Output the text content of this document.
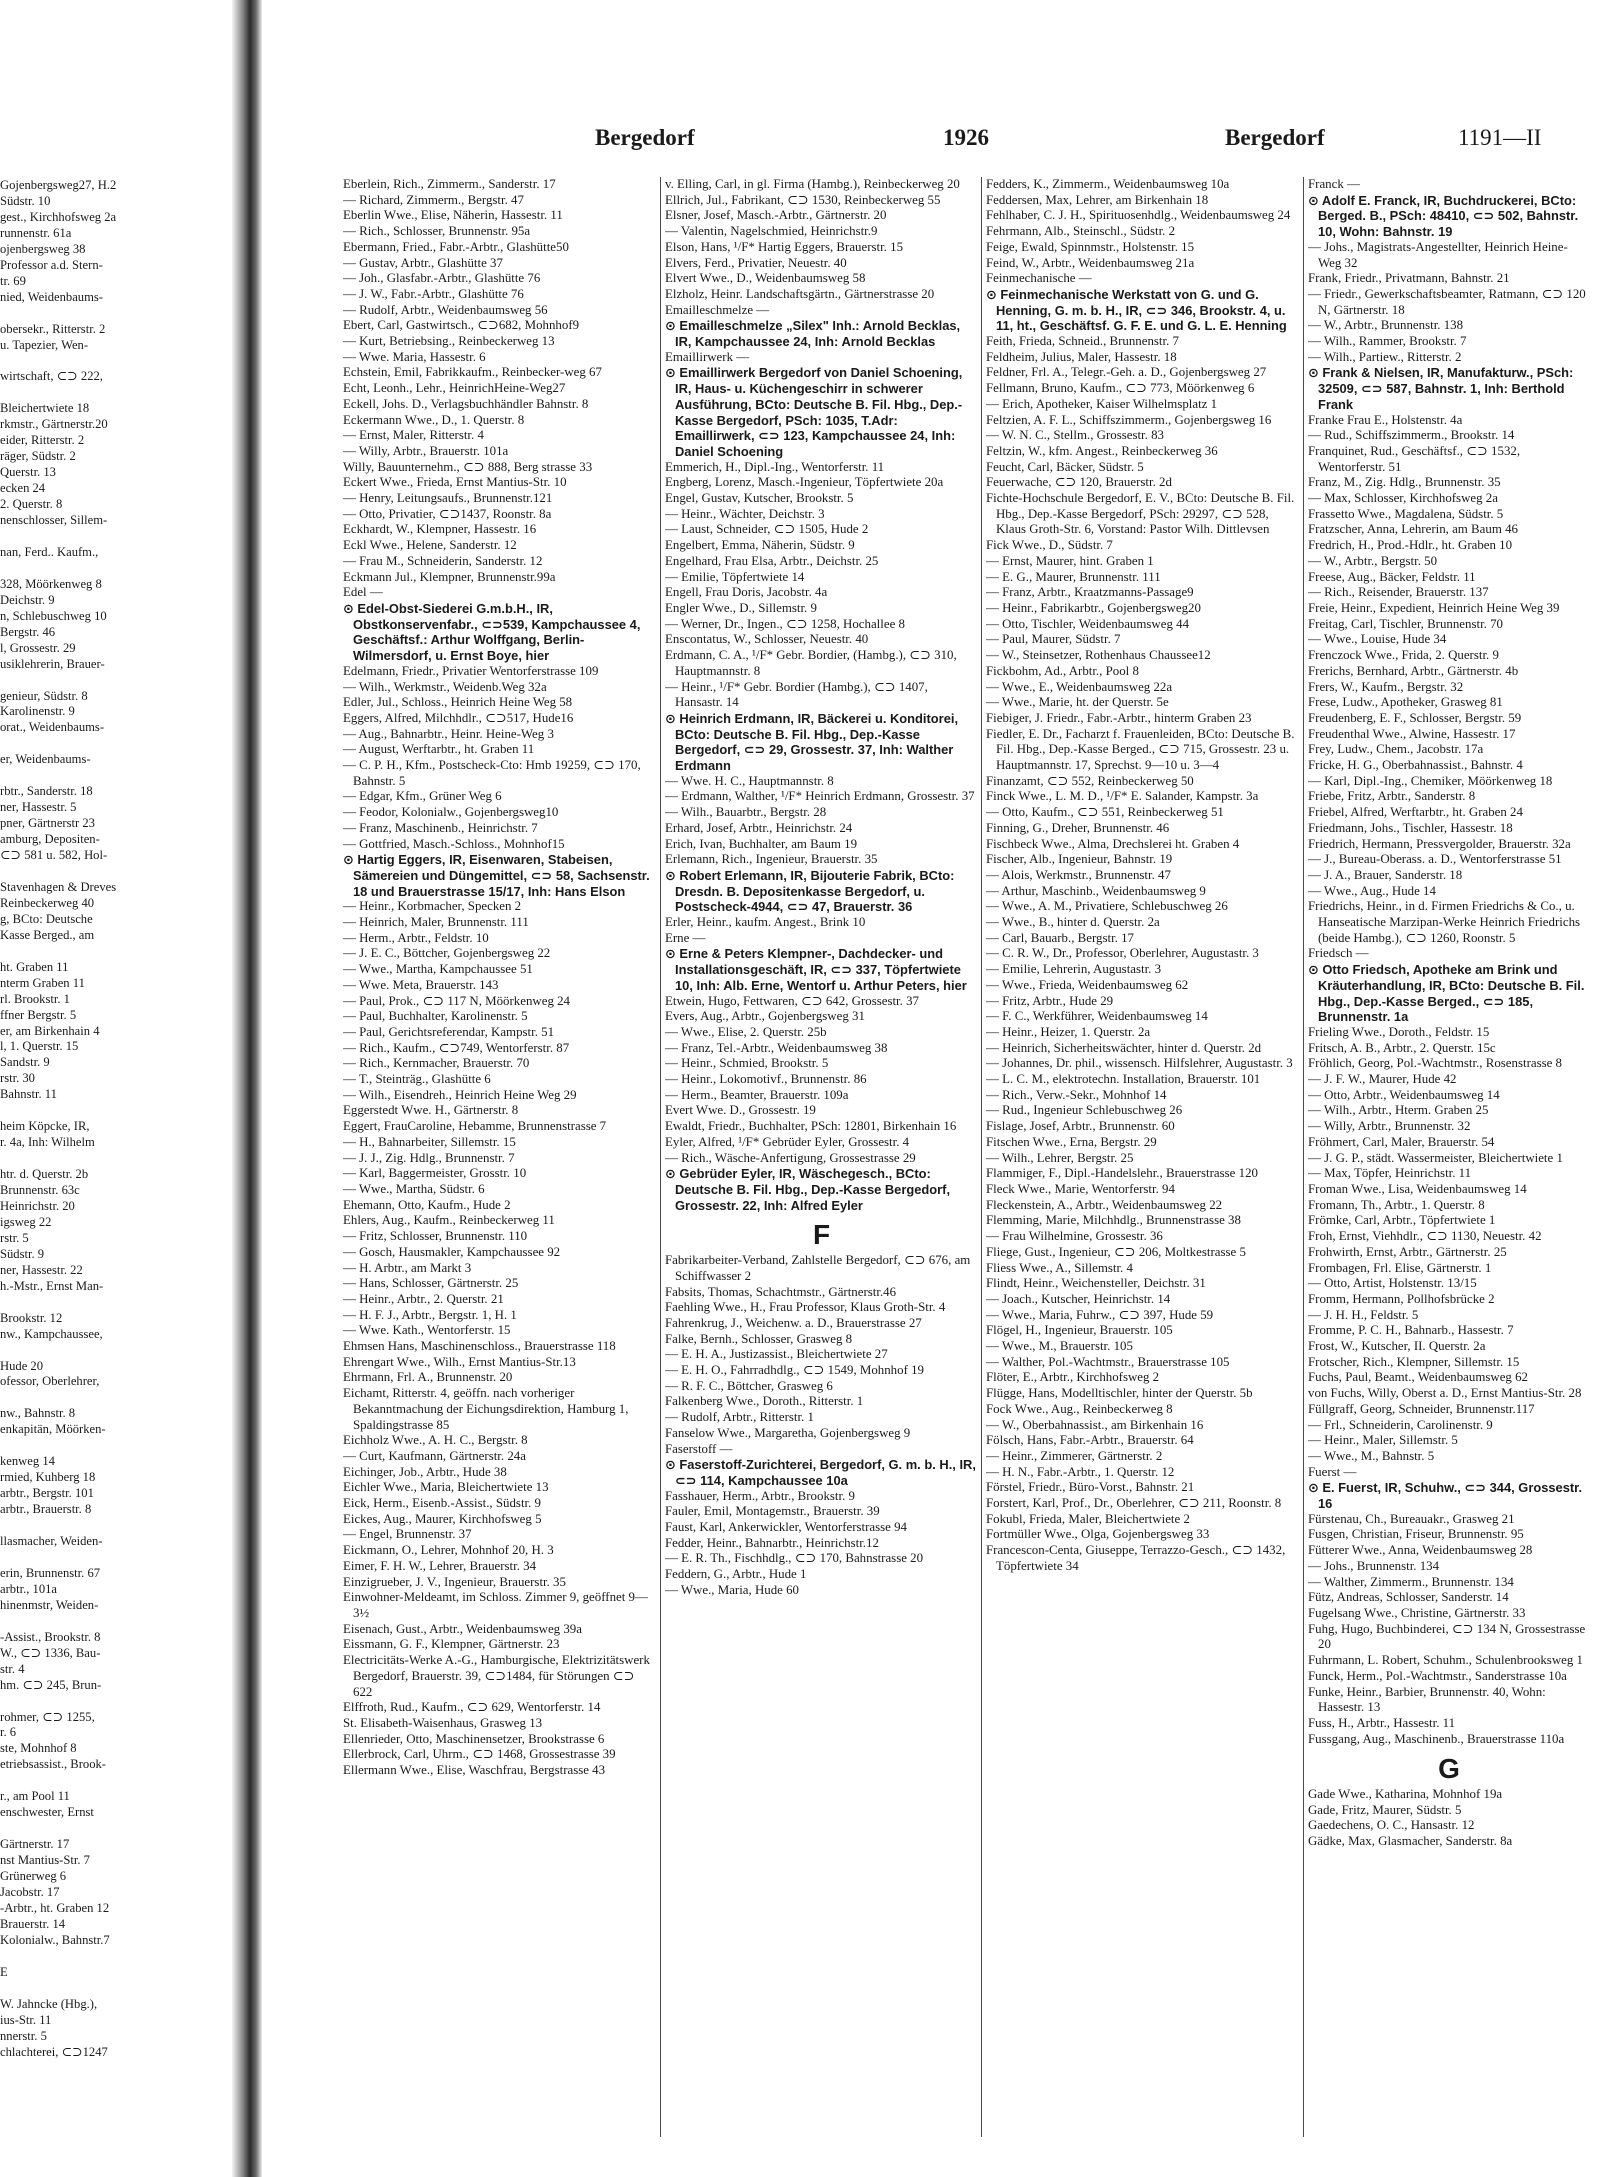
Gojenbergsweg27, H.2
Südstr. 10
gest., Kirchhofsweg 2a
runnenstr. 61a
ojenbergsweg 38
Professor a.d. Stern-
tr. 69
nied, Weidenbaums-

obersekr., Ritterstr. 2
u. Tapezier, Wen-

wirtschaft, ⊂⊃ 222,

Bleichertwiete 18
rkmstr., Gärtnerstr.20
eider, Ritterstr. 2
räger, Südstr. 2
Querstr. 13
ecken 24
2. Querstr. 8
nenschlosser, Sillem-

nan, Ferd.. Kaufm.,

328, Möörkenweg 8
Deichstr. 9
n, Schlebuschweg 10
Bergstr. 46
l, Grossestr. 29
usiklehrerin, Brauer-

genieur, Südstr. 8
Karolinenstr. 9
orat., Weidenbaums-

er, Weidenbaums-

rbtr., Sanderstr. 18
ner, Hassestr. 5
pner, Gärtnerstr 23
amburg, Depositen-
⊂⊃ 581 u. 582, Hol-

Stavenhagen & Dreves
Reinbeckerweg 40
g, BCto: Deutsche
Kasse Berged., am

ht. Graben 11
nterm Graben 11
rl. Brookstr. 1
ffner Bergstr. 5
er, am Birkenhain 4
l, 1. Querstr. 15
Sandstr. 9
rstr. 30
Bahnstr. 11

heim Köpcke, IR,
r. 4a, Inh: Wilhelm

htr. d. Querstr. 2b
Brunnenstr. 63c
Heinrichstr. 20
igsweg 22
rstr. 5
Südstr. 9
ner, Hassestr. 22
h.-Mstr., Ernst Man-

Brookstr. 12
nw., Kampchaussee,

Hude 20
ofessor, Oberlehrer,

nw., Bahnstr. 8
enkapitän, Möörken-

kenweg 14
rmied, Kuhberg 18
arbtr., Bergstr. 101
arbtr., Brauerstr. 8

llasmacher, Weiden-

erin, Brunnenstr. 67
arbtr., 101a
hinenmstr, Weiden-

-Assist., Brookstr. 8
W., ⊂⊃ 1336, Bau-
str. 4
hm. ⊂⊃ 245, Brun-

rohmer, ⊂⊃ 1255,
r. 6
ste, Mohnhof 8
etriebsassist., Brook-

r., am Pool 11
enschwester, Ernst

Gärtnerstr. 17
nst Mantius-Str. 7
Grünerweg 6
Jacobstr. 17
-Arbtr., ht. Graben 12
Brauerstr. 14
Kolonialw., Bahnstr.7

E

W. Jahncke (Hbg.),
ius-Str. 11
nnerstr. 5
chlachterei, ⊂⊃1247
Bergedorf	1926	Bergedorf	1191—II
Eberlein, Rich., Zimmerm., Sanderstr. 17
— Richard, Zimmerm., Bergstr. 47
Eberlin Wwe., Elise, Näherin, Hassestr. 11
— Rich., Schlosser, Brunnenstr. 95a
Ebermann, Fried., Fabr.-Arbtr., Glashütte50
— Gustav, Arbtr., Glashütte 37
— Joh., Glasfabr.-Arbtr., Glashütte 76
— J. W., Fabr.-Arbtr., Glashütte 76
— Rudolf, Arbtr., Weidenbaumsweg 56
Ebert, Carl, Gastwirtsch., ⊂⊃682, Mohnhof9
— Kurt, Betriebsing., Reinbeckerweg 13
— Wwe. Maria, Hassestr. 6
Echstein, Emil, Fabrikkaufm., Reinbecker-weg 67
Echt, Leonh., Lehr., HeinrichHeine-Weg27
Eckell, Johs. D., Verlagsbuchhändler Bahnstr. 8
Eckermann Wwe., D., 1. Querstr. 8
— Ernst, Maler, Ritterstr. 4
— Willy, Arbtr., Brauerstr. 101a
Willy, Bauunternehm., ⊂⊃ 888, Berg strasse 33
Eckert Wwe., Frieda, Ernst Mantius-Str. 10
— Henry, Leitungsaufs., Brunnenstr.121
— Otto, Privatier, ⊂⊃1437, Roonstr. 8a
Eckhardt, W., Klempner, Hassestr. 16
Eckl Wwe., Helene, Sanderstr. 12
— Frau M., Schneiderin, Sanderstr. 12
Eckmann Jul., Klempner, Brunnenstr.99a
Edel —
⊙ Edel-Obst-Siederei G.m.b.H., IR, Obstkonservenfabr., ⊂⊃539, Kampchaussee 4, Geschäftsf.: Arthur Wolffgang, Berlin-Wilmersdorf, u. Ernst Boye, hier
Edelmann, Friedr., Privatier Wentorferstrasse 109
— Wilh., Werkmstr., Weidenb.Weg 32a
Edler, Jul., Schloss., Heinrich Heine Weg 58
Eggers, Alfred, Milchhdlr., ⊂⊃517, Hude16
— Aug., Bahnarbtr., Heinr. Heine-Weg 3
— August, Werftarbtr., ht. Graben 11
— C. P. H., Kfm., Postscheck-Cto: Hmb 19259, ⊂⊃ 170, Bahnstr. 5
— Edgar, Kfm., Grüner Weg 6
— Feodor, Kolonialw., Gojenbergsweg10
— Franz, Maschinenb., Heinrichstr. 7
— Gottfried, Masch.-Schloss., Mohnhof15
⊙ Hartig Eggers, IR, Eisenwaren, Stabeisen, Sämereien und Düngemittel, ⊂⊃ 58, Sachsenstr. 18 und Brauerstrasse 15/17, Inh: Hans Elson
— Heinr., Korbmacher, Specken 2
— Heinrich, Maler, Brunnenstr. 111
— Herm., Arbtr., Feldstr. 10
— J. E. C., Böttcher, Gojenbergsweg 22
— Wwe., Martha, Kampchaussee 51
— Wwe. Meta, Brauerstr. 143
— Paul, Prok., ⊂⊃ 117 N, Möörkenweg 24
— Paul, Buchhalter, Karolinenstr. 5
— Paul, Gerichtsreferendar, Kampstr. 51
— Rich., Kaufm., ⊂⊃749, Wentorferstr. 87
— Rich., Kernmacher, Brauerstr. 70
— T., Steinträg., Glashütte 6
— Wilh., Eisendreh., Heinrich Heine Weg 29
Eggerstedt Wwe. H., Gärtnerstr. 8
Eggert, FrauCaroline, Hebamme, Brunnenstrasse 7
— H., Bahnarbeiter, Sillemstr. 15
— J. J., Zig. Hdlg., Brunnenstr. 7
— Karl, Baggermeister, Grosstr. 10
— Wwe., Martha, Südstr. 6
Ehemann, Otto, Kaufm., Hude 2
Ehlers, Aug., Kaufm., Reinbeckerweg 11
— Fritz, Schlosser, Brunnenstr. 110
— Gosch, Hausmakler, Kampchaussee 92
— H. Arbtr., am Markt 3
— Hans, Schlosser, Gärtnerstr. 25
— Heinr., Arbtr., 2. Querstr. 21
— H. F. J., Arbtr., Bergstr. 1, H. 1
— Wwe. Kath., Wentorferstr. 15
Ehmsen Hans, Maschinenschloss., Brauerstrasse 118
Ehrengart Wwe., Wilh., Ernst Mantius-Str.13
Ehrmann, Frl. A., Brunnenstr. 20
Eichamt, Ritterstr. 4, geöffn. nach vorheriger Bekanntmachung der Eichungsdirektion, Hamburg 1, Spaldingstrasse 85
Eichholz Wwe., A. H. C., Bergstr. 8
— Curt, Kaufmann, Gärtnerstr. 24a
Eichinger, Job., Arbtr., Hude 38
Eichler Wwe., Maria, Bleichertwiete 13
Eick, Herm., Eisenb.-Assist., Südstr. 9
Eickes, Aug., Maurer, Kirchhofsweg 5
— Engel, Brunnenstr. 37
Eickmann, O., Lehrer, Mohnhof 20, H. 3
Eimer, F. H. W., Lehrer, Brauerstr. 34
Einzigrueber, J. V., Ingenieur, Brauerstr. 35
Einwohner-Meldeamt, im Schloss. Zimmer 9, geöffnet 9—3½
Eisenach, Gust., Arbtr., Weidenbaumsweg 39a
Eissmann, G. F., Klempner, Gärtnerstr. 23
Electricitäts-Werke A.-G., Hamburgische, Elektrizitätswerk Bergedorf, Brauerstr. 39, ⊂⊃1484, für Störungen ⊂⊃ 622
Elffroth, Rud., Kaufm., ⊂⊃ 629, Wentorferstr. 14
St. Elisabeth-Waisenhaus, Grasweg 13
Ellenrieder, Otto, Maschinensetzer, Brookstrasse 6
Ellerbrock, Carl, Uhrm., ⊂⊃ 1468, Grossestrasse 39
Ellermann Wwe., Elise, Waschfrau, Bergstrasse 43
v. Elling, Carl, in gl. Firma (Hambg.), Reinbeckerweg 20
Ellrich, Jul., Fabrikant, ⊂⊃ 1530, Reinbeckerweg 55
Elsner, Josef, Masch.-Arbtr., Gärtnerstr. 20
— Valentin, Nagelschmied, Heinrichstr.9
Elson, Hans, ¹/F* Hartig Eggers, Brauerstr. 15
Elvers, Ferd., Privatier, Neuestr. 40
Elvert Wwe., D., Weidenbaumsweg 58
Elzholz, Heinr. Landschaftsgärtn., Gärtnerstrasse 20
Emailleschmelze —
⊙ Emailleschmelze „Silex" Inh.: Arnold Becklas, IR, Kampchaussee 24, Inh: Arnold Becklas
Emaillirwerk —
⊙ Emaillirwerk Bergedorf von Daniel Schoening, IR, Haus- u. Küchengeschirr in schwerer Ausführung, BCto: Deutsche B. Fil. Hbg., Dep.-Kasse Bergedorf, PSch: 1035, T.Adr: Emaillirwerk, ⊂⊃ 123, Kampchaussee 24, Inh: Daniel Schoening
Emmerich, H., Dipl.-Ing., Wentorferstr. 11
Engberg, Lorenz, Masch.-Ingenieur, Töpfertwiete 20a
Engel, Gustav, Kutscher, Brookstr. 5
— Heinr., Wächter, Deichstr. 3
— Laust, Schneider, ⊂⊃ 1505, Hude 2
Engelbert, Emma, Näherin, Südstr. 9
Engelhard, Frau Elsa, Arbtr., Deichstr. 25
— Emilie, Töpfertwiete 14
Engell, Frau Doris, Jacobstr. 4a
Engler Wwe., D., Sillemstr. 9
— Werner, Dr., Ingen., ⊂⊃ 1258, Hochallee 8
Enscontatus, W., Schlosser, Neuestr. 40
Erdmann, C. A., ¹/F* Gebr. Bordier, (Hambg.), ⊂⊃ 310, Hauptmannstr. 8
— Heinr., ¹/F* Gebr. Bordier (Hambg.), ⊂⊃ 1407, Hansastr. 14
⊙ Heinrich Erdmann, IR, Bäckerei u. Konditorei, BCto: Deutsche B. Fil. Hbg., Dep.-Kasse Bergedorf, ⊂⊃ 29, Grossestr. 37, Inh: Walther Erdmann
— Wwe. H. C., Hauptmannstr. 8
— Erdmann, Walther, ¹/F* Heinrich Erdmann, Grossestr. 37
— Wilh., Bauarbtr., Bergstr. 28
Erhard, Josef, Arbtr., Heinrichstr. 24
Erich, Ivan, Buchhalter, am Baum 19
Erlemann, Rich., Ingenieur, Brauerstr. 35
⊙ Robert Erlemann, IR, Bijouterie Fabrik, BCto: Dresdn. B. Depositenkasse Bergedorf, u. Postscheck-4944, ⊂⊃ 47, Brauerstr. 36
Erler, Heinr., kaufm. Angest., Brink 10
Erne —
⊙ Erne & Peters Klempner-, Dachdecker- und Installationsgeschäft, IR, ⊂⊃ 337, Töpfertwiete 10, Inh: Alb. Erne, Wentorf u. Arthur Peters, hier
Etwein, Hugo, Fettwaren, ⊂⊃ 642, Grossestr. 37
Evers, Aug., Arbtr., Gojenbergsweg 31
— Wwe., Elise, 2. Querstr. 25b
— Franz, Tel.-Arbtr., Weidenbaumsweg 38
— Heinr., Schmied, Brookstr. 5
— Heinr., Lokomotivf., Brunnenstr. 86
— Herm., Beamter, Brauerstr. 109a
Evert Wwe. D., Grossestr. 19
Ewaldt, Friedr., Buchhalter, PSch: 12801, Birkenhain 16
Eyler, Alfred, ¹/F* Gebrüder Eyler, Grossestr. 4
— Rich., Wäsche-Anfertigung, Grossestrasse 29
⊙ Gebrüder Eyler, IR, Wäschegesch., BCto: Deutsche B. Fil. Hbg., Dep.-Kasse Bergedorf, Grossestr. 22, Inh: Alfred Eyler
F
Fabrikarbeiter-Verband, Zahlstelle Bergedorf, ⊂⊃ 676, am Schiffwasser 2
Fabsits, Thomas, Schachtmstr., Gärtnerstr.46
Faehling Wwe., H., Frau Professor, Klaus Groth-Str. 4
Fahrenkrug, J., Weichenw. a. D., Brauerstrasse 27
Falke, Bernh., Schlosser, Grasweg 8
— E. H. A., Justizassist., Bleichertwiete 27
— E. H. O., Fahrradhdlg., ⊂⊃ 1549, Mohnhof 19
— R. F. C., Böttcher, Grasweg 6
Falkenberg Wwe., Doroth., Ritterstr. 1
— Rudolf, Arbtr., Ritterstr. 1
Fanselow Wwe., Margaretha, Gojenbergsweg 9
Faserstoff —
⊙ Faserstoff-Zurichterei, Bergedorf, G. m. b. H., IR, ⊂⊃ 114, Kampchaussee 10a
Fasshauer, Herm., Arbtr., Brookstr. 9
Fauler, Emil, Montagemstr., Brauerstr. 39
Faust, Karl, Ankerwickler, Wentorferstrasse 94
Fedder, Heinr., Bahnarbtr., Heinrichstr.12
— E. R. Th., Fischhdlg., ⊂⊃ 170, Bahnstrasse 20
Feddern, G., Arbtr., Hude 1
— Wwe., Maria, Hude 60
Fedders, K., Zimmerm., Weidenbaumsweg 10a
Feddersen, Max, Lehrer, am Birkenhain 18
Fehlhaber, C. J. H., Spirituosenhdlg., Weidenbaumsweg 24
Fehrmann, Alb., Steinschl., Südstr. 2
Feige, Ewald, Spinnmstr., Holstenstr. 15
Feind, W., Arbtr., Weidenbaumsweg 21a
Feinmechanische —
⊙ Feinmechanische Werkstatt von G. und G. Henning, G. m. b. H., IR, ⊂⊃ 346, Brookstr. 4, u. 11, ht., Geschäftsf. G. F. E. und G. L. E. Henning
Feith, Frieda, Schneid., Brunnenstr. 7
Feldheim, Julius, Maler, Hassestr. 18
Feldner, Frl. A., Telegr.-Geh. a. D., Gojenbergsweg 27
Fellmann, Bruno, Kaufm., ⊂⊃ 773, Möörkenweg 6
— Erich, Apotheker, Kaiser Wilhelmsplatz 1
Feltzien, A. F. L., Schiffszimmerm., Gojenbergsweg 16
— W. N. C., Stellm., Grossestr. 83
Feltzin, W., kfm. Angest., Reinbeckerweg 36
Feucht, Carl, Bäcker, Südstr. 5
Feuerwache, ⊂⊃ 120, Brauerstr. 2d
Fichte-Hochschule Bergedorf, E. V., BCto: Deutsche B. Fil. Hbg., Dep.-Kasse Bergedorf, PSch: 29297, ⊂⊃ 528, Klaus Groth-Str. 6, Vorstand: Pastor Wilh. Dittlevsen
Fick Wwe., D., Südstr. 7
— Ernst, Maurer, hint. Graben 1
— E. G., Maurer, Brunnenstr. 111
— Franz, Arbtr., Kraatzmanns-Passage9
— Heinr., Fabrikarbtr., Gojenbergsweg20
— Otto, Tischler, Weidenbaumsweg 44
— Paul, Maurer, Südstr. 7
— W., Steinsetzer, Rothenhaus Chaussee12
Fickbohm, Ad., Arbtr., Pool 8
— Wwe., E., Weidenbaumsweg 22a
— Wwe., Marie, ht. der Querstr. 5e
Fiebiger, J. Friedr., Fabr.-Arbtr., hinterm Graben 23
Fiedler, E. Dr., Facharzt f. Frauenleiden, BCto: Deutsche B. Fil. Hbg., Dep.-Kasse Berged., ⊂⊃ 715, Grossestr. 23 u. Hauptmannstr. 17, Sprechst. 9—10 u. 3—4
Finanzamt, ⊂⊃ 552, Reinbeckerweg 50
Finck Wwe., L. M. D., ¹/F* E. Salander, Kampstr. 3a
— Otto, Kaufm., ⊂⊃ 551, Reinbeckerweg 51
Finning, G., Dreher, Brunnenstr. 46
Fischbeck Wwe., Alma, Drechslerei ht. Graben 4
Fischer, Alb., Ingenieur, Bahnstr. 19
— Alois, Werkmstr., Brunnenstr. 47
— Arthur, Maschinb., Weidenbaumsweg 9
— Wwe., A. M., Privatiere, Schlebuschweg 26
— Wwe., B., hinter d. Querstr. 2a
— Carl, Bauarb., Bergstr. 17
— C. R. W., Dr., Professor, Oberlehrer, Augustastr. 3
— Emilie, Lehrerin, Augustastr. 3
— Wwe., Frieda, Weidenbaumsweg 62
— Fritz, Arbtr., Hude 29
— F. C., Werkführer, Weidenbaumsweg 14
— Heinr., Heizer, 1. Querstr. 2a
— Heinrich, Sicherheitswächter, hinter d. Querstr. 2d
— Johannes, Dr. phil., wissensch. Hilfslehrer, Augustastr. 3
— L. C. M., elektrotechn. Installation, Brauerstr. 101
— Rich., Verw.-Sekr., Mohnhof 14
— Rud., Ingenieur Schlebuschweg 26
Fislage, Josef, Arbtr., Brunnenstr. 60
Fitschen Wwe., Erna, Bergstr. 29
— Wilh., Lehrer, Bergstr. 25
Flammiger, F., Dipl.-Handelslehr., Brauerstrasse 120
Fleck Wwe., Marie, Wentorferstr. 94
Fleckenstein, A., Arbtr., Weidenbaumsweg 22
Flemming, Marie, Milchhdlg., Brunnenstrasse 38
— Frau Wilhelmine, Grossestr. 36
Fliege, Gust., Ingenieur, ⊂⊃ 206, Moltkestrasse 5
Fliess Wwe., A., Sillemstr. 4
Flindt, Heinr., Weichensteller, Deichstr. 31
— Joach., Kutscher, Heinrichstr. 14
— Wwe., Maria, Fuhrw., ⊂⊃ 397, Hude 59
Flögel, H., Ingenieur, Brauerstr. 105
— Wwe., M., Brauerstr. 105
— Walther, Pol.-Wachtmstr., Brauerstrasse 105
Flöter, E., Arbtr., Kirchhofsweg 2
Flügge, Hans, Modelltischler, hinter der Querstr. 5b
Fock Wwe., Aug., Reinbeckerweg 8
— W., Oberbahnassist., am Birkenhain 16
Fölsch, Hans, Fabr.-Arbtr., Brauerstr. 64
— Heinr., Zimmerer, Gärtnerstr. 2
— H. N., Fabr.-Arbtr., 1. Querstr. 12
Förstel, Friedr., Büro-Vorst., Bahnstr. 21
Forstert, Karl, Prof., Dr., Oberlehrer, ⊂⊃ 211, Roonstr. 8
Fokubl, Frieda, Maler, Bleichertwiete 2
Fortmüller Wwe., Olga, Gojenbergsweg 33
Francescon-Centa, Giuseppe, Terrazzo-Gesch., ⊂⊃ 1432, Töpfertwiete 34
Franck —
⊙ Adolf E. Franck, IR, Buchdruckerei, BCto: Berged. B., PSch: 48410, ⊂⊃ 502, Bahnstr. 10, Wohn: Bahnstr. 19
— Johs., Magistrats-Angestellter, Heinrich Heine-Weg 32
Frank, Friedr., Privatmann, Bahnstr. 21
— Friedr., Gewerkschaftsbeamter, Ratmann, ⊂⊃ 120 N, Gärtnerstr. 18
— W., Arbtr., Brunnenstr. 138
— Wilh., Rammer, Brookstr. 7
— Wilh., Partiew., Ritterstr. 2
⊙ Frank & Nielsen, IR, Manufakturw., PSch: 32509, ⊂⊃ 587, Bahnstr. 1, Inh: Berthold Frank
Franke Frau E., Holstenstr. 4a
— Rud., Schiffszimmerm., Brookstr. 14
Franquinet, Rud., Geschäftsf., ⊂⊃ 1532, Wentorferstr. 51
Franz, M., Zig. Hdlg., Brunnenstr. 35
— Max, Schlosser, Kirchhofsweg 2a
Frassetto Wwe., Magdalena, Südstr. 5
Fratzscher, Anna, Lehrerin, am Baum 46
Fredrich, H., Prod.-Hdlr., ht. Graben 10
— W., Arbtr., Bergstr. 50
Freese, Aug., Bäcker, Feldstr. 11
— Rich., Reisender, Brauerstr. 137
Freie, Heinr., Expedient, Heinrich Heine Weg 39
Freitag, Carl, Tischler, Brunnenstr. 70
— Wwe., Louise, Hude 34
Frenczock Wwe., Frida, 2. Querstr. 9
Frerichs, Bernhard, Arbtr., Gärtnerstr. 4b
Frers, W., Kaufm., Bergstr. 32
Frese, Ludw., Apotheker, Grasweg 81
Freudenberg, E. F., Schlosser, Bergstr. 59
Freudenthal Wwe., Alwine, Hassestr. 17
Frey, Ludw., Chem., Jacobstr. 17a
Fricke, H. G., Oberbahnassist., Bahnstr. 4
— Karl, Dipl.-Ing., Chemiker, Möörkenweg 18
Friebe, Fritz, Arbtr., Sanderstr. 8
Friebel, Alfred, Werftarbtr., ht. Graben 24
Friedmann, Johs., Tischler, Hassestr. 18
Friedrich, Hermann, Pressvergolder, Brauerstr. 32a
— J., Bureau-Oberass. a. D., Wentorferstrasse 51
— J. A., Brauer, Sanderstr. 18
— Wwe., Aug., Hude 14
Friedrichs, Heinr., in d. Firmen Friedrichs & Co., u. Hanseatische Marzipan-Werke Heinrich Friedrichs (beide Hambg.), ⊂⊃ 1260, Roonstr. 5
Friedsch —
⊙ Otto Friedsch, Apotheke am Brink und Kräuterhandlung, IR, BCto: Deutsche B. Fil. Hbg., Dep.-Kasse Berged., ⊂⊃ 185, Brunnenstr. 1a
Frieling Wwe., Doroth., Feldstr. 15
Fritsch, A. B., Arbtr., 2. Querstr. 15c
Fröhlich, Georg, Pol.-Wachtmstr., Rosenstrasse 8
— J. F. W., Maurer, Hude 42
— Otto, Arbtr., Weidenbaumsweg 14
— Wilh., Arbtr., Hterm. Graben 25
— Willy, Arbtr., Brunnenstr. 32
Fröhmert, Carl, Maler, Brauerstr. 54
— J. G. P., städt. Wassermeister, Bleichertwiete 1
— Max, Töpfer, Heinrichstr. 11
Froman Wwe., Lisa, Weidenbaumsweg 14
Fromann, Th., Arbtr., 1. Querstr. 8
Frömke, Carl, Arbtr., Töpfertwiete 1
Froh, Ernst, Viehhdlr., ⊂⊃ 1130, Neuestr. 42
Frohwirth, Ernst, Arbtr., Gärtnerstr. 25
Frombagen, Frl. Elise, Gärtnerstr. 1
— Otto, Artist, Holstenstr. 13/15
Fromm, Hermann, Pollhofsbrücke 2
— J. H. H., Feldstr. 5
Fromme, P. C. H., Bahnarb., Hassestr. 7
Frost, W., Kutscher, II. Querstr. 2a
Frotscher, Rich., Klempner, Sillemstr. 15
Fuchs, Paul, Beamt., Weidenbaumsweg 62
von Fuchs, Willy, Oberst a. D., Ernst Mantius-Str. 28
Füllgraff, Georg, Schneider, Brunnenstr.117
— Frl., Schneiderin, Carolinenstr. 9
— Heinr., Maler, Sillemstr. 5
— Wwe., M., Bahnstr. 5
Fuerst —
⊙ E. Fuerst, IR, Schuhw., ⊂⊃ 344, Grossestr. 16
Fürstenau, Ch., Bureauakr., Grasweg 21
Fusgen, Christian, Friseur, Brunnenstr. 95
Fütterer Wwe., Anna, Weidenbaumsweg 28
— Johs., Brunnenstr. 134
— Walther, Zimmerm., Brunnenstr. 134
Fütz, Andreas, Schlosser, Sanderstr. 14
Fugelsang Wwe., Christine, Gärtnerstr. 33
Fuhg, Hugo, Buchbinderei, ⊂⊃ 134 N, Grossestrasse 20
Fuhrmann, L. Robert, Schuhm., Schulenbrooksweg 1
Funck, Herm., Pol.-Wachtmstr., Sanderstrasse 10a
Funke, Heinr., Barbier, Brunnenstr. 40, Wohn: Hassestr. 13
Fuss, H., Arbtr., Hassestr. 11
Fussgang, Aug., Maschinenb., Brauerstrasse 110a
G
Gade Wwe., Katharina, Mohnhof 19a
Gade, Fritz, Maurer, Südstr. 5
Gaedechens, O. C., Hansastr. 12
Gädke, Max, Glasmacher, Sanderstr. 8a
